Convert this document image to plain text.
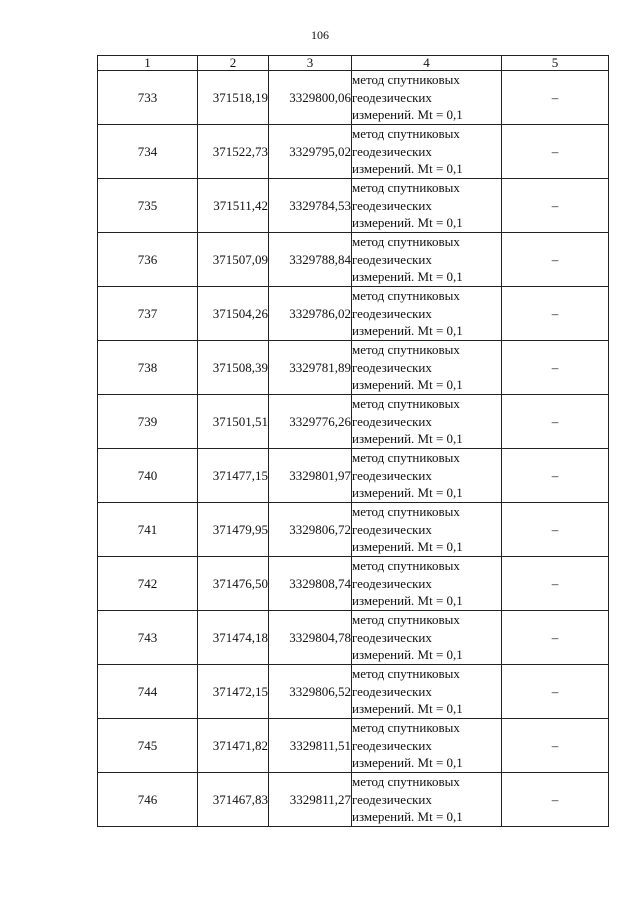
106
1	2	3	4	5
733	371518,19	3329800,06	метод спутниковых
геодезических
измерений. Mt = 0,1	–
734	371522,73	3329795,02	метод спутниковых
геодезических
измерений. Mt = 0,1	–
735	371511,42	3329784,53	метод спутниковых
геодезических
измерений. Mt = 0,1	–
736	371507,09	3329788,84	метод спутниковых
геодезических
измерений. Mt = 0,1	–
737	371504,26	3329786,02	метод спутниковых
геодезических
измерений. Mt = 0,1	–
738	371508,39	3329781,89	метод спутниковых
геодезических
измерений. Mt = 0,1	–
739	371501,51	3329776,26	метод спутниковых
геодезических
измерений. Mt = 0,1	–
740	371477,15	3329801,97	метод спутниковых
геодезических
измерений. Mt = 0,1	–
741	371479,95	3329806,72	метод спутниковых
геодезических
измерений. Mt = 0,1	–
742	371476,50	3329808,74	метод спутниковых
геодезических
измерений. Mt = 0,1	–
743	371474,18	3329804,78	метод спутниковых
геодезических
измерений. Mt = 0,1	–
744	371472,15	3329806,52	метод спутниковых
геодезических
измерений. Mt = 0,1	–
745	371471,82	3329811,51	метод спутниковых
геодезических
измерений. Mt = 0,1	–
746	371467,83	3329811,27	метод спутниковых
геодезических
измерений. Mt = 0,1	–
